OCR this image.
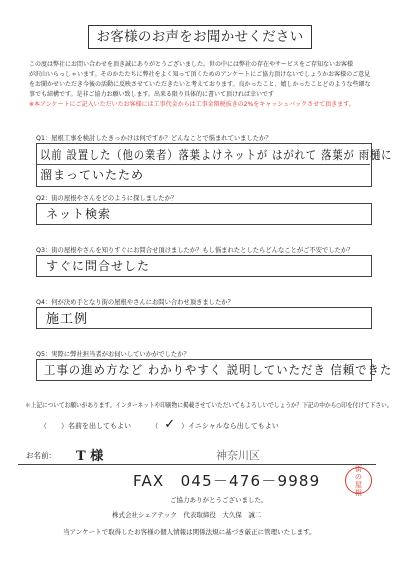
お客様のお声をお聞かせください
この度は弊社にお問い合わせを頂き誠にありがとうございました。世の中には弊社の存在やサービスをご存知ないお客様
が沢山いらっしゃいます。そのかたたちに弊社をよく知って頂くためのアンケートにご協力頂けないでしょうかお客様のご意見
をお聞かせいただき今後の活動に反映させていただきたいと考えております。良かったこと、嬉しかったことどのような些細な
事でも結構です。是非ご協力お願い致します。出来る限り具体的に書いて頂ければ幸いです
※本アンケートにご記入いただいたお客様には工事代金からは工事金額税抜きの2%をキャッシュバックさせて頂きます。
Q1：屋根工事を検討したきっかけは何ですか？どんなことで悩まれていましたか？
以前 設置した（他の業者）落葉よけネットが はがれて 落葉が 雨樋に
溜まっていたため
Q2：街の屋根やさんをどのように探しましたか？
ネット検索
Q3：街の屋根やさんを知りすぐにお問合せ頂けましたか？もし悩まれたとしたらどんなことがご不安でしたか？
すぐに問合せした
Q4：何が決め手となり街の屋根やさんにお問い合わせ頂きましたか？
施工例
Q5：実際に弊社担当者がお伺いしていかがでしたか？
工事の進め方など わかりやすく 説明していただき 信頼できた
＊上記についてお願いがあります。インターネットや印刷物に掲載させていただいてもよろしいでしょうか？下記の中から○印を付けて下さい。
（　　）名前を出してもよい	（ ✓ ）イニシャルなら出してもよい
お名前： T 様	神奈川区
FAX　045－476－9989
街の屋根
ご協力ありがとうございました。
株式会社シェアテック　代表取締役　大久保　誠二
当アンケートで取得したお客様の個人情報は関係法規に基づき厳正に管理いたします。
